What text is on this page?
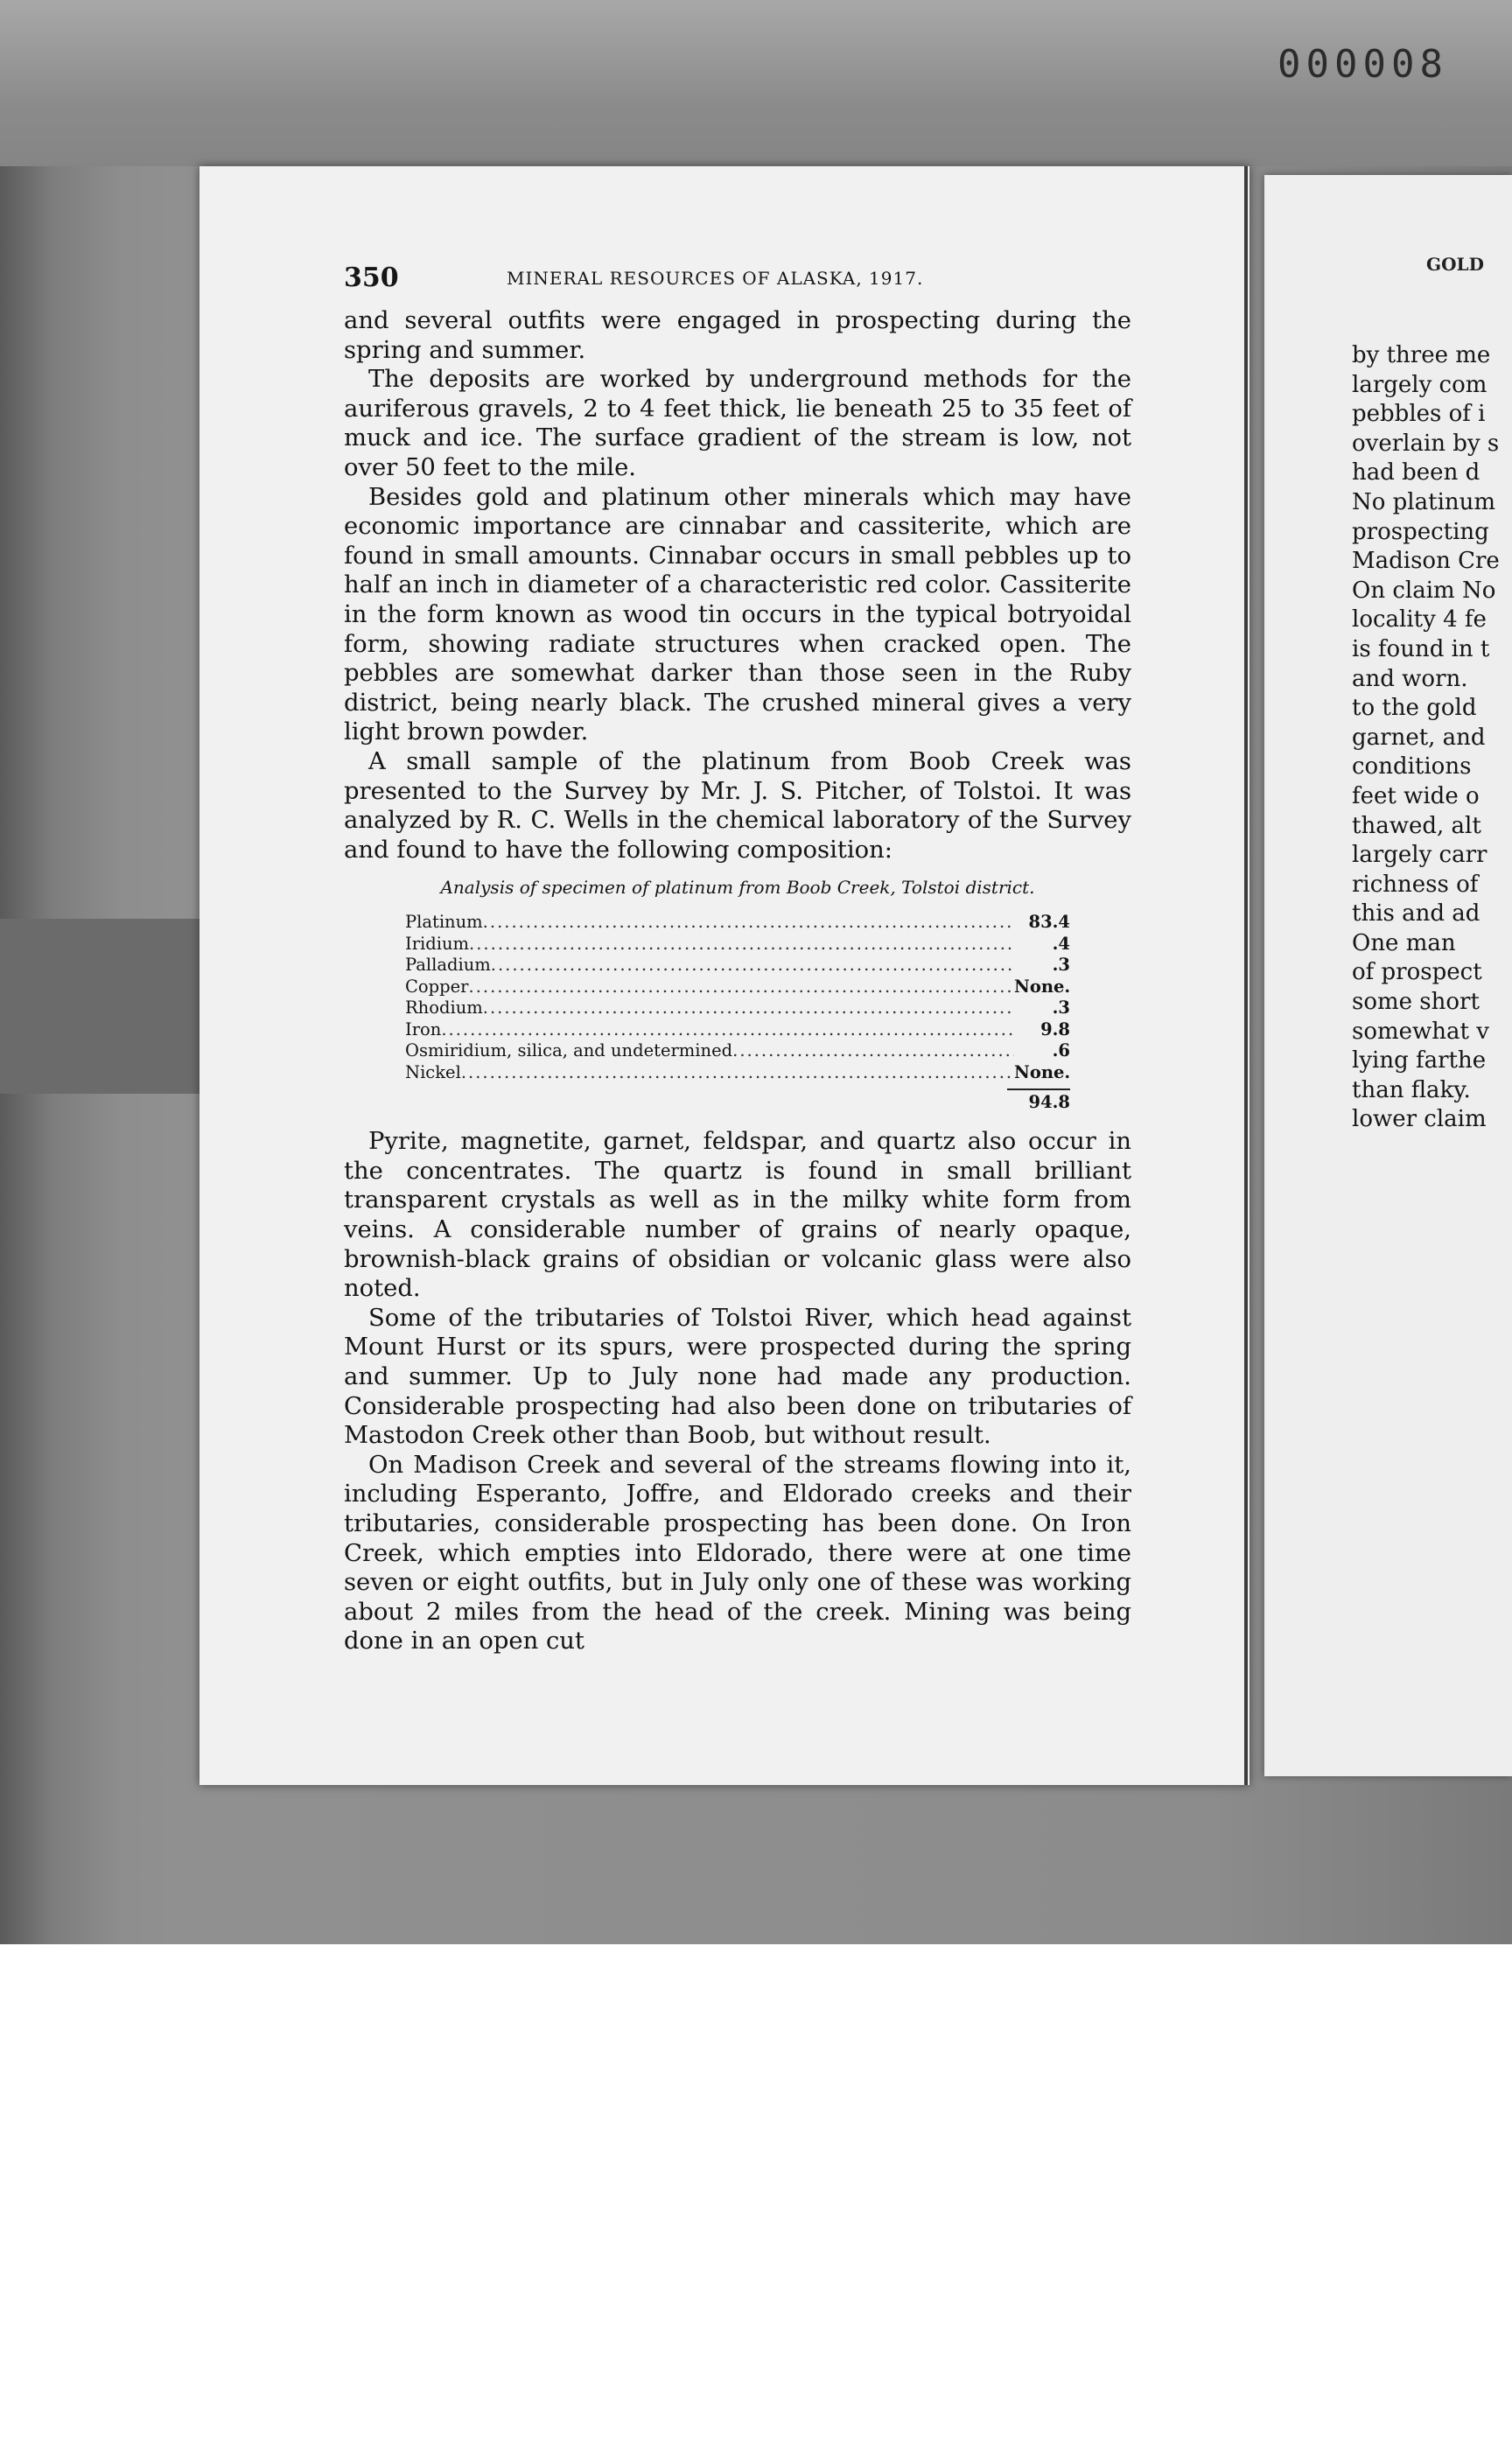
000008
350	MINERAL RESOURCES OF ALASKA, 1917.

and several outfits were engaged in prospecting during the spring and summer.

The deposits are worked by underground methods for the auriferous gravels, 2 to 4 feet thick, lie beneath 25 to 35 feet of muck and ice. The surface gradient of the stream is low, not over 50 feet to the mile.

Besides gold and platinum other minerals which may have economic importance are cinnabar and cassiterite, which are found in small amounts. Cinnabar occurs in small pebbles up to half an inch in diameter of a characteristic red color. Cassiterite in the form known as wood tin occurs in the typical botryoidal form, showing radiate structures when cracked open. The pebbles are somewhat darker than those seen in the Ruby district, being nearly black. The crushed mineral gives a very light brown powder.

A small sample of the platinum from Boob Creek was presented to the Survey by Mr. J. S. Pitcher, of Tolstoi. It was analyzed by R. C. Wells in the chemical laboratory of the Survey and found to have the following composition:

Analysis of specimen of platinum from Boob Creek, Tolstoi district.
Platinum .....	83.4
Iridium .....	.4
Palladium .....	.3
Copper .....	None.
Rhodium .....	.3
Iron .....	9.8
Osmiridium, silica, and undetermined .....	.6
Nickel .....	None.
94.8

Pyrite, magnetite, garnet, feldspar, and quartz also occur in the concentrates. The quartz is found in small brilliant transparent crystals as well as in the milky white form from veins. A considerable number of grains of nearly opaque, brownish-black grains of obsidian or volcanic glass were also noted.

Some of the tributaries of Tolstoi River, which head against Mount Hurst or its spurs, were prospected during the spring and summer. Up to July none had made any production. Considerable prospecting had also been done on tributaries of Mastodon Creek other than Boob, but without result.

On Madison Creek and several of the streams flowing into it, including Esperanto, Joffre, and Eldorado creeks and their tributaries, considerable prospecting has been done. On Iron Creek, which empties into Eldorado, there were at one time seven or eight outfits, but in July only one of these was working about 2 miles from the head of the creek. Mining was being done in an open cut

GOLD
by three me
largely com
pebbles of i
overlain by s
had been d
No platinum
prospecting
Madison Cre
On claim No
locality 4 fe
is found in t
and worn.
to the gold
garnet, and
conditions
feet wide o
thawed, alt
largely carr
richness of
this and ad
One man
of prospect
some short
somewhat v
lying farthe
than flaky.
lower claim
